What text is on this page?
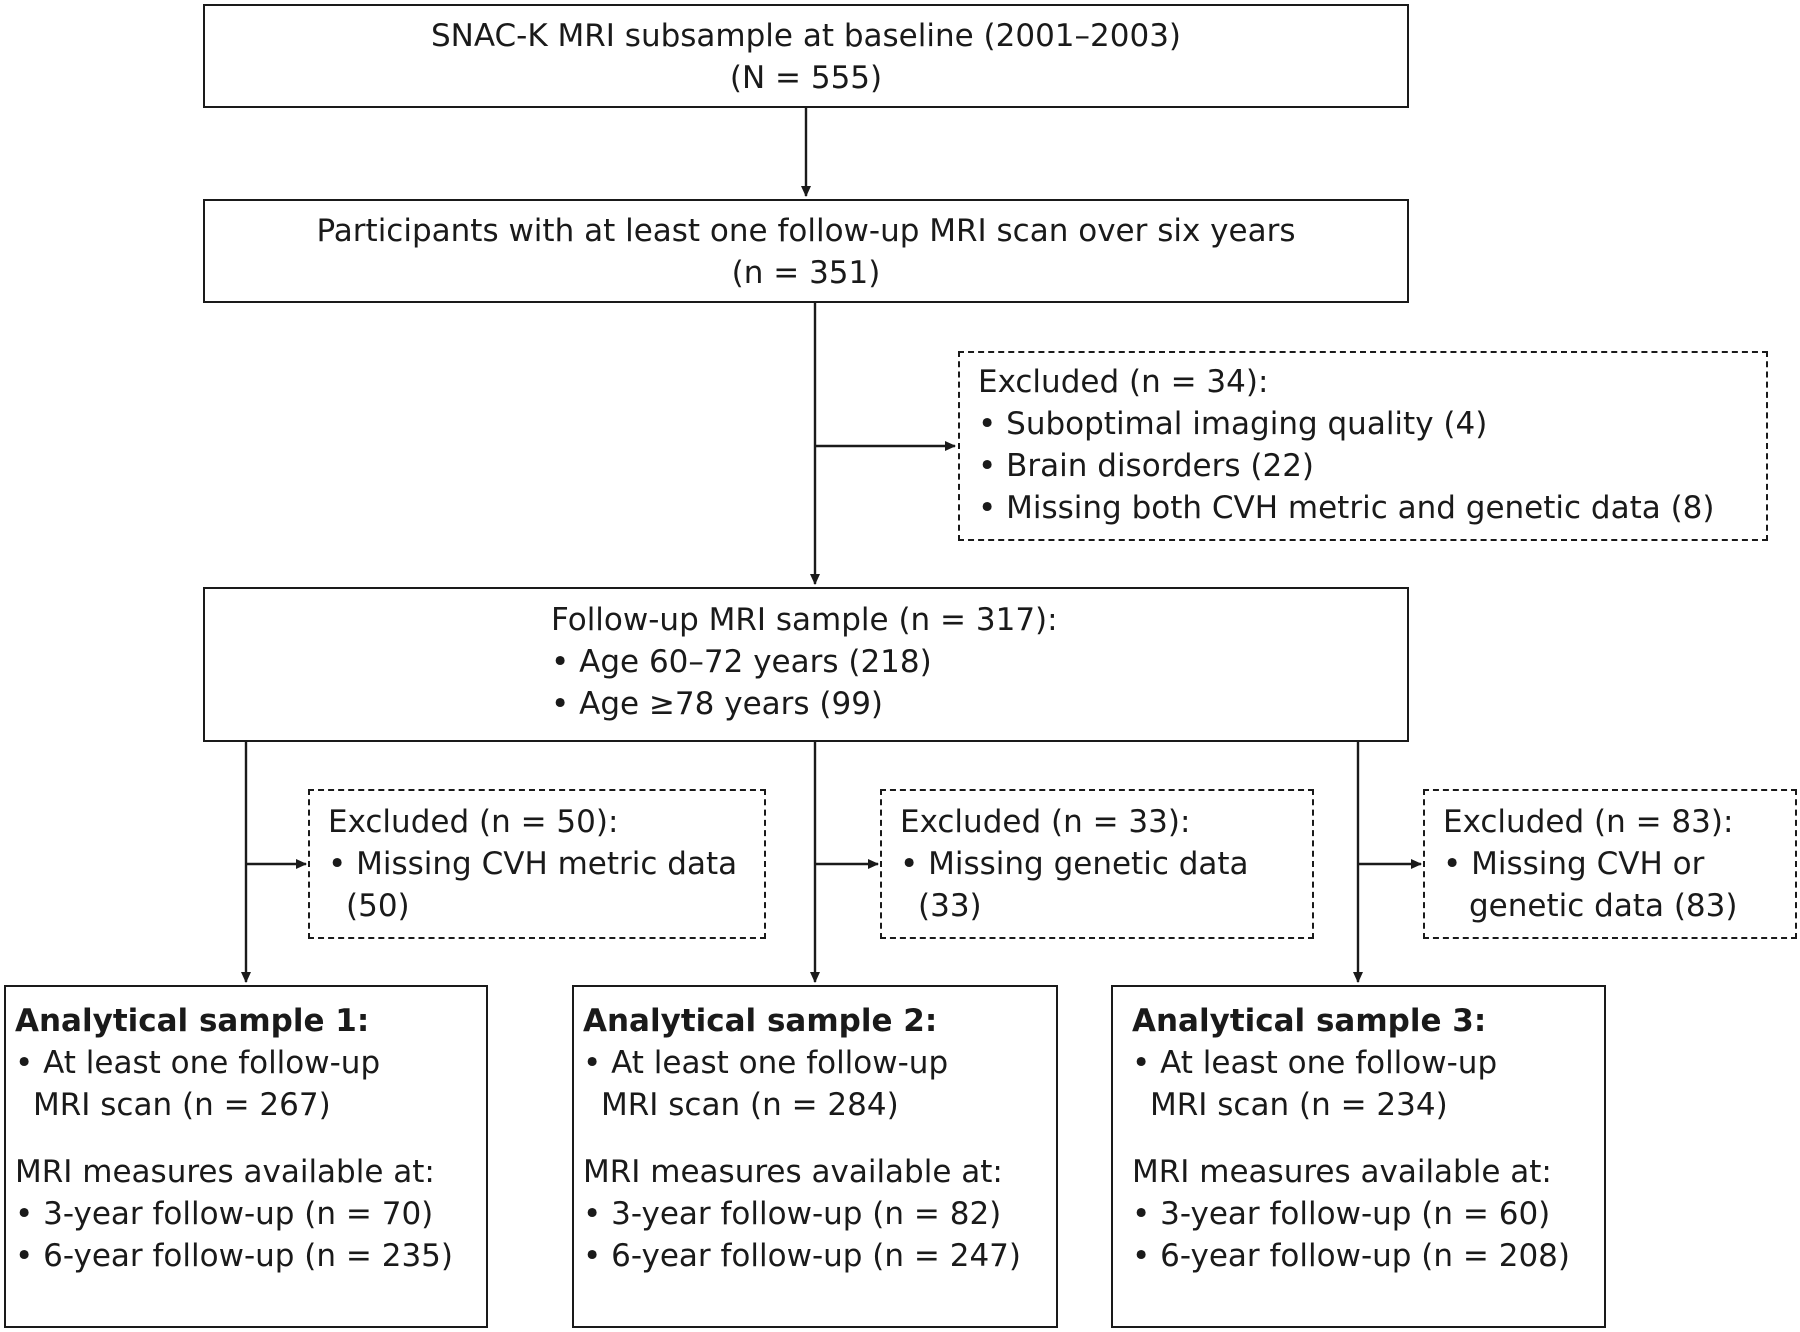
SNAC-K MRI subsample at baseline (2001–2003)
(N = 555)
Participants with at least one follow-up MRI scan over six years
(n = 351)
Excluded (n = 34):
• Suboptimal imaging quality (4)
• Brain disorders (22)
• Missing both CVH metric and genetic data (8)
Follow-up MRI sample (n = 317):
• Age 60–72 years (218)
• Age ≥78 years (99)
Excluded (n = 50):
• Missing CVH metric data
(50)
Excluded (n = 33):
• Missing genetic data
(33)
Excluded (n = 83):
• Missing CVH or
genetic data (83)
Analytical sample 1:
• At least one follow-up
MRI scan (n = 267)
MRI measures available at:
• 3-year follow-up (n = 70)
• 6-year follow-up (n = 235)
Analytical sample 2:
• At least one follow-up
MRI scan (n = 284)
MRI measures available at:
• 3-year follow-up (n = 82)
• 6-year follow-up (n = 247)
Analytical sample 3:
• At least one follow-up
MRI scan (n = 234)
MRI measures available at:
• 3-year follow-up (n = 60)
• 6-year follow-up (n = 208)
